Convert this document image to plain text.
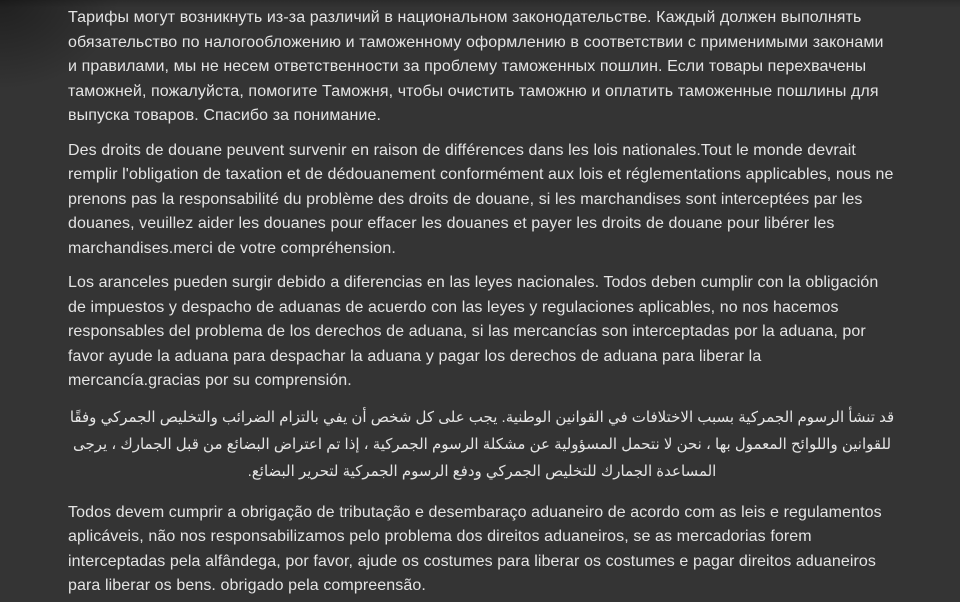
Тарифы могут возникнуть из-за различий в национальном законодательстве. Каждый должен выполнять обязательство по налогообложению и таможенному оформлению в соответствии с применимыми законами и правилами, мы не несем ответственности за проблему таможенных пошлин. Если товары перехвачены таможней, пожалуйста, помогите Таможня, чтобы очистить таможню и оплатить таможенные пошлины для выпуска товаров. Спасибо за понимание.

Des droits de douane peuvent survenir en raison de différences dans les lois nationales.Tout le monde devrait remplir l'obligation de taxation et de dédouanement conformément aux lois et réglementations applicables, nous ne prenons pas la responsabilité du problème des droits de douane, si les marchandises sont interceptées par les douanes, veuillez aider les douanes pour effacer les douanes et payer les droits de douane pour libérer les marchandises.merci de votre compréhension.

Los aranceles pueden surgir debido a diferencias en las leyes nacionales. Todos deben cumplir con la obligación de impuestos y despacho de aduanas de acuerdo con las leyes y regulaciones aplicables, no nos hacemos responsables del problema de los derechos de aduana, si las mercancías son interceptadas por la aduana, por favor ayude la aduana para despachar la aduana y pagar los derechos de aduana para liberar la mercancía.gracias por su comprensión.

قد تنشأ الرسوم الجمركية بسبب الاختلافات في القوانين الوطنية. يجب على كل شخص أن يفي بالتزام الضرائب والتخليص الجمركي وفقًا للقوانين واللوائح المعمول بها ، نحن لا نتحمل المسؤولية عن مشكلة الرسوم الجمركية ، إذا تم اعتراض البضائع من قبل الجمارك ، يرجى المساعدة الجمارك للتخليص الجمركي ودفع الرسوم الجمركية لتحرير البضائع.

Todos devem cumprir a obrigação de tributação e desembaraço aduaneiro de acordo com as leis e regulamentos aplicáveis, não nos responsabilizamos pelo problema dos direitos aduaneiros, se as mercadorias forem interceptadas pela alfândega, por favor, ajude os costumes para liberar os costumes e pagar direitos aduaneiros para liberar os bens. obrigado pela compreensão.
